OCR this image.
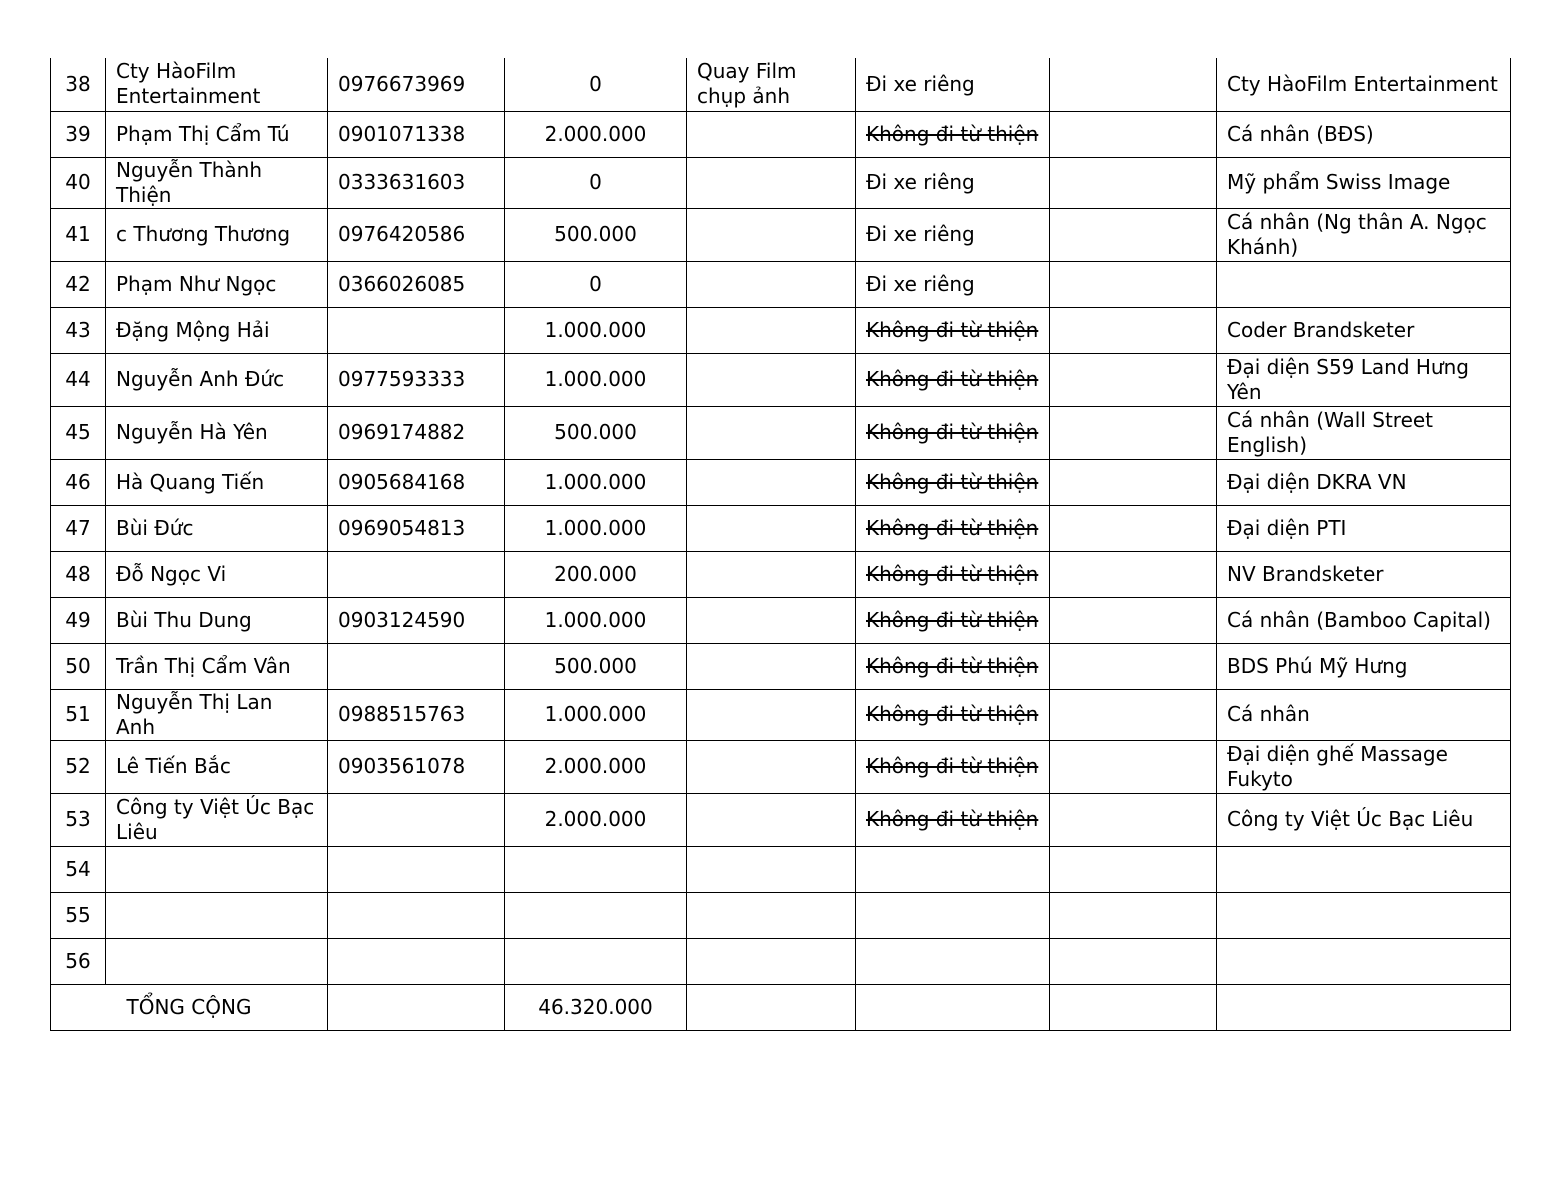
38	Cty HàoFilm Entertainment	0976673969	0	Quay Film chụp ảnh	Đi xe riêng		Cty HàoFilm Entertainment
39	Phạm Thị Cẩm Tú	0901071338	2.000.000		Không đi từ thiện		Cá nhân (BĐS)
40	Nguyễn Thành Thiện	0333631603	0		Đi xe riêng		Mỹ phẩm Swiss Image
41	c Thương Thương	0976420586	500.000		Đi xe riêng		Cá nhân (Ng thân A. Ngọc Khánh)
42	Phạm Như Ngọc	0366026085	0		Đi xe riêng		
43	Đặng Mộng Hải		1.000.000		Không đi từ thiện		Coder Brandsketer
44	Nguyễn Anh Đức	0977593333	1.000.000		Không đi từ thiện		Đại diện S59 Land Hưng Yên
45	Nguyễn Hà Yên	0969174882	500.000		Không đi từ thiện		Cá nhân (Wall Street English)
46	Hà Quang Tiến	0905684168	1.000.000		Không đi từ thiện		Đại diện DKRA VN
47	Bùi Đức	0969054813	1.000.000		Không đi từ thiện		Đại diện PTI
48	Đỗ Ngọc Vi		200.000		Không đi từ thiện		NV Brandsketer
49	Bùi Thu Dung	0903124590	1.000.000		Không đi từ thiện		Cá nhân (Bamboo Capital)
50	Trần Thị Cẩm Vân		500.000		Không đi từ thiện		BDS Phú Mỹ Hưng
51	Nguyễn Thị Lan Anh	0988515763	1.000.000		Không đi từ thiện		Cá nhân
52	Lê Tiến Bắc	0903561078	2.000.000		Không đi từ thiện		Đại diện ghế Massage Fukyto
53	Công ty Việt Úc Bạc Liêu		2.000.000		Không đi từ thiện		Công ty Việt Úc Bạc Liêu
54							
55							
56							
TỔNG CỘNG			46.320.000				
